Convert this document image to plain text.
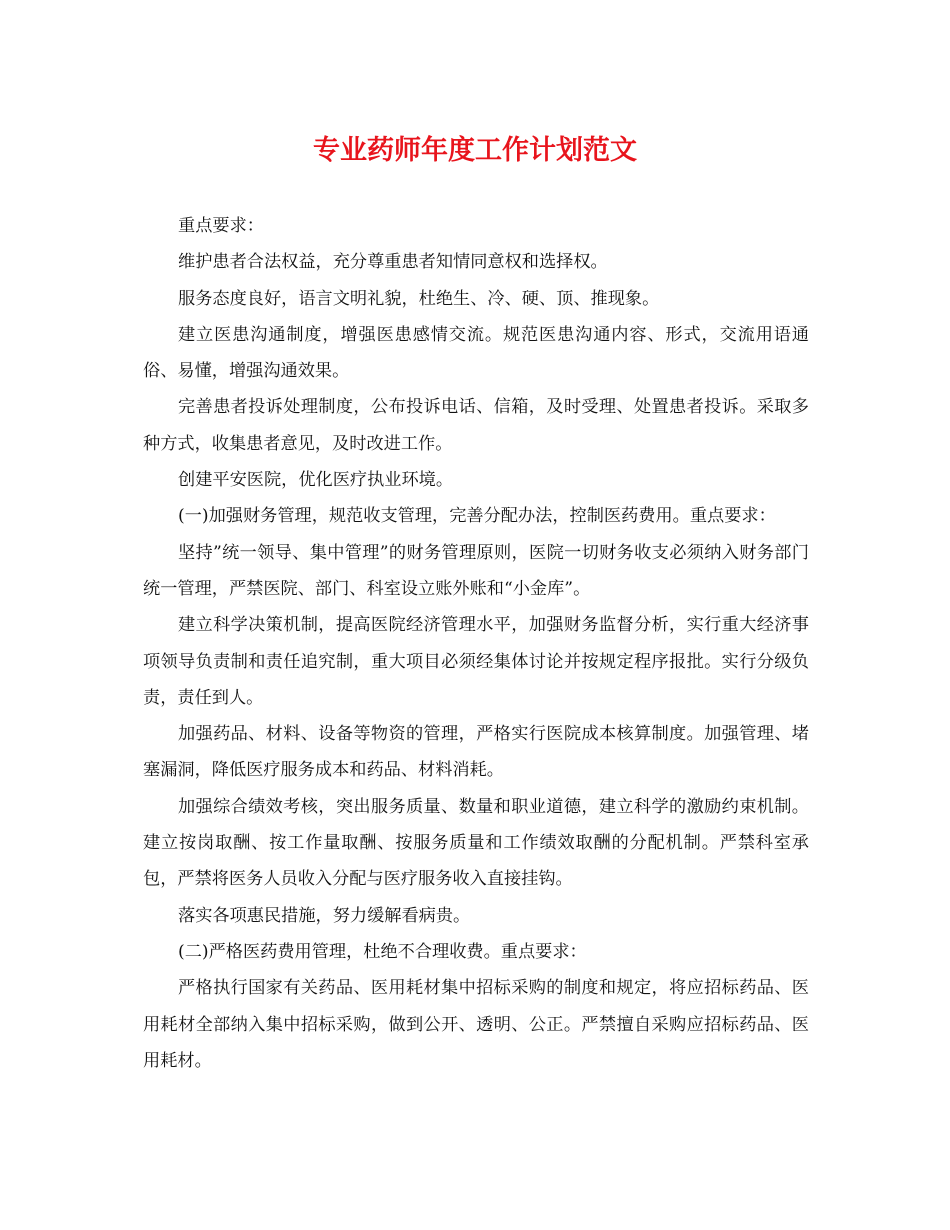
专业药师年度工作计划范文

重点要求：

维护患者合法权益，充分尊重患者知情同意权和选择权。

服务态度良好，语言文明礼貌，杜绝生、冷、硬、顶、推现象。

建立医患沟通制度，增强医患感情交流。规范医患沟通内容、形式，交流用语通俗、易懂，增强沟通效果。

完善患者投诉处理制度，公布投诉电话、信箱，及时受理、处置患者投诉。采取多种方式，收集患者意见，及时改进工作。

创建平安医院，优化医疗执业环境。

(一)加强财务管理，规范收支管理，完善分配办法，控制医药费用。重点要求：

坚持”统一领导、集中管理”的财务管理原则，医院一切财务收支必须纳入财务部门统一管理，严禁医院、部门、科室设立账外账和“小金库”。

建立科学决策机制，提高医院经济管理水平，加强财务监督分析，实行重大经济事项领导负责制和责任追究制，重大项目必须经集体讨论并按规定程序报批。实行分级负责，责任到人。

加强药品、材料、设备等物资的管理，严格实行医院成本核算制度。加强管理、堵塞漏洞，降低医疗服务成本和药品、材料消耗。

加强综合绩效考核，突出服务质量、数量和职业道德，建立科学的激励约束机制。建立按岗取酬、按工作量取酬、按服务质量和工作绩效取酬的分配机制。严禁科室承包，严禁将医务人员收入分配与医疗服务收入直接挂钩。

落实各项惠民措施，努力缓解看病贵。

(二)严格医药费用管理，杜绝不合理收费。重点要求：

严格执行国家有关药品、医用耗材集中招标采购的制度和规定，将应招标药品、医用耗材全部纳入集中招标采购，做到公开、透明、公正。严禁擅自采购应招标药品、医用耗材。
